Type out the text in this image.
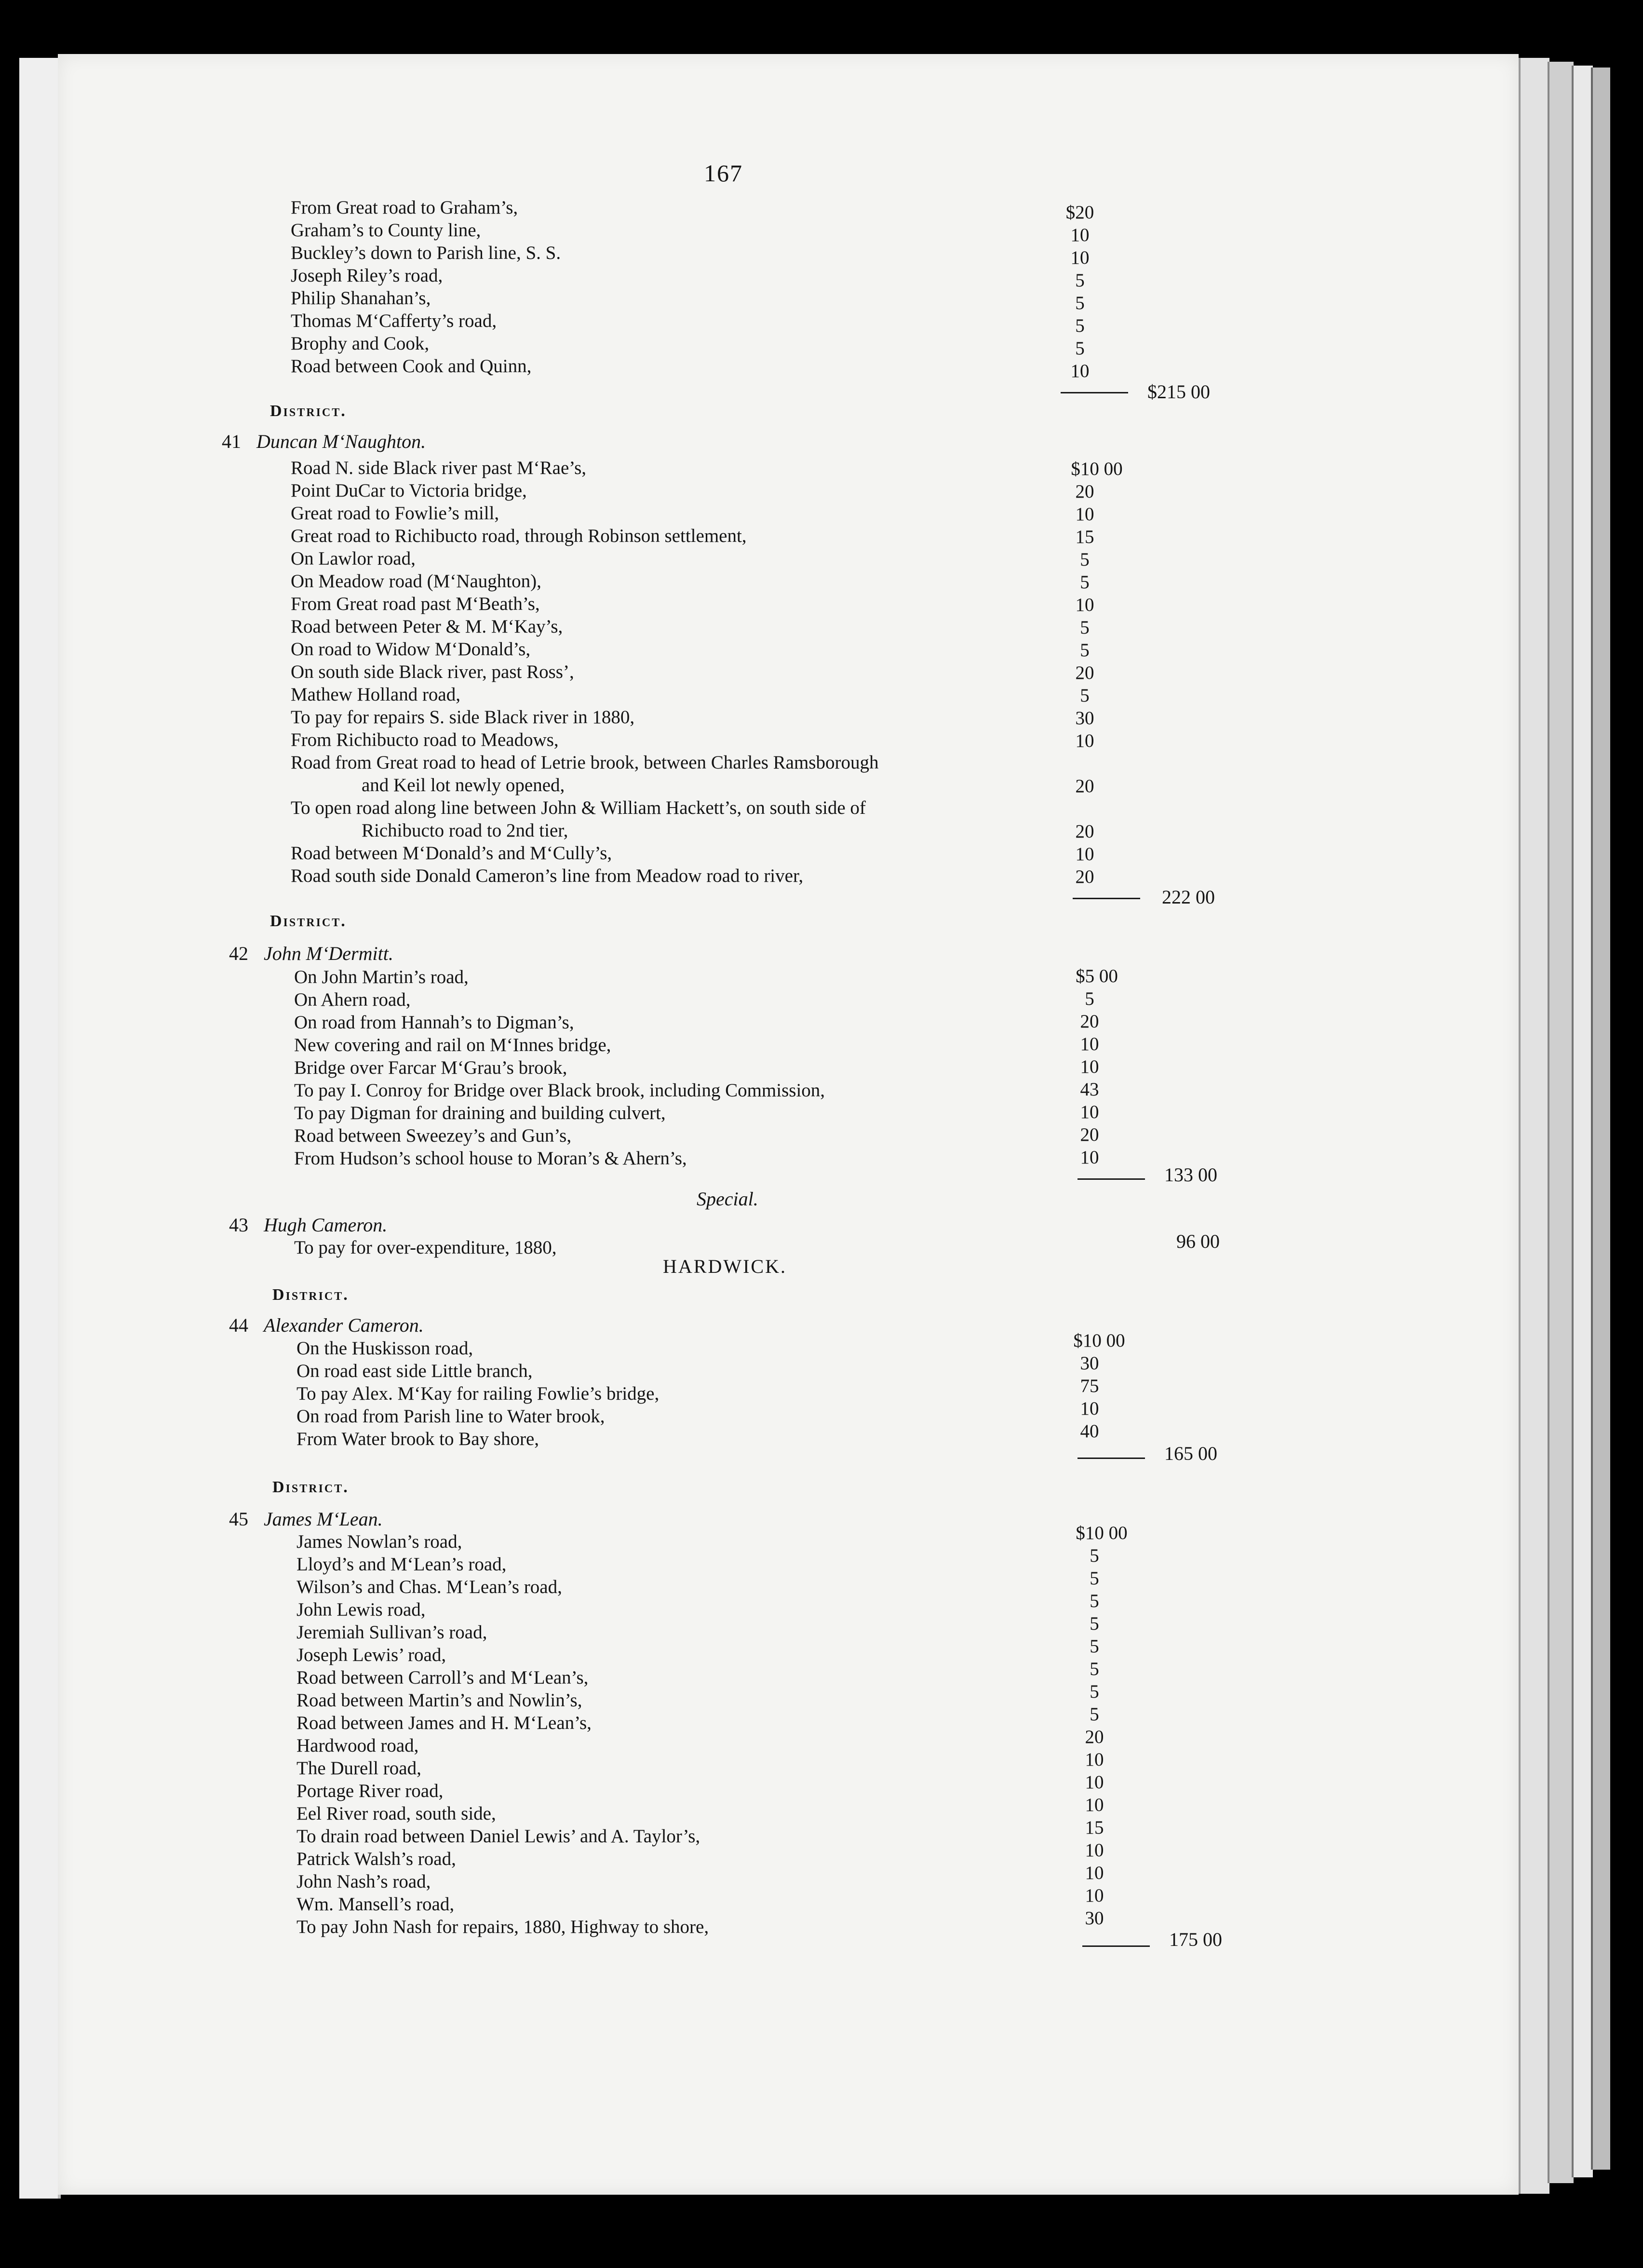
167
From Great road to Graham’s,	$20
Graham’s to County line,	10
Buckley’s down to Parish line, S. S.	10
Joseph Riley’s road,	5
Philip Shanahan’s,	5
Thomas M‘Cafferty’s road,	5
Brophy and Cook,	5
Road between Cook and Quinn,	10
$215 00
District.
41 Duncan M‘Naughton.
Road N. side Black river past M‘Rae’s,	$10 00
Point DuCar to Victoria bridge,	20
Great road to Fowlie’s mill,	10
Great road to Richibucto road, through Robinson settlement,	15
On Lawlor road,	5
On Meadow road (M‘Naughton),	5
From Great road past M‘Beath’s,	10
Road between Peter & M. M‘Kay’s,	5
On road to Widow M‘Donald’s,	5
On south side Black river, past Ross’,	20
Mathew Holland road,	5
To pay for repairs S. side Black river in 1880,	30
From Richibucto road to Meadows,	10
Road from Great road to head of Letrie brook, between Charles Ramsborough
and Keil lot newly opened,	20
To open road along line between John & William Hackett’s, on south side of
Richibucto road to 2nd tier,	20
Road between M‘Donald’s and M‘Cully’s,	10
Road south side Donald Cameron’s line from Meadow road to river,	20
222 00
District.
42 John M‘Dermitt.
On John Martin’s road,	$5 00
On Ahern road,	5
On road from Hannah’s to Digman’s,	20
New covering and rail on M‘Innes bridge,	10
Bridge over Farcar M‘Grau’s brook,	10
To pay I. Conroy for Bridge over Black brook, including Commission,	43
To pay Digman for draining and building culvert,	10
Road between Sweezey’s and Gun’s,	20
From Hudson’s school house to Moran’s & Ahern’s,	10
133 00
Special.
43 Hugh Cameron.
To pay for over-expenditure, 1880,	96 00
HARDWICK.
District.
44 Alexander Cameron.
On the Huskisson road,	$10 00
On road east side Little branch,	30
To pay Alex. M‘Kay for railing Fowlie’s bridge,	75
On road from Parish line to Water brook,	10
From Water brook to Bay shore,	40
165 00
District.
45 James M‘Lean.
James Nowlan’s road,	$10 00
Lloyd’s and M‘Lean’s road,	5
Wilson’s and Chas. M‘Lean’s road,	5
John Lewis road,	5
Jeremiah Sullivan’s road,	5
Joseph Lewis’ road,	5
Road between Carroll’s and M‘Lean’s,	5
Road between Martin’s and Nowlin’s,	5
Road between James and H. M‘Lean’s,	5
Hardwood road,	20
The Durell road,	10
Portage River road,	10
Eel River road, south side,	10
To drain road between Daniel Lewis’ and A. Taylor’s,	15
Patrick Walsh’s road,	10
John Nash’s road,	10
Wm. Mansell’s road,	10
To pay John Nash for repairs, 1880, Highway to shore,	30
175 00
